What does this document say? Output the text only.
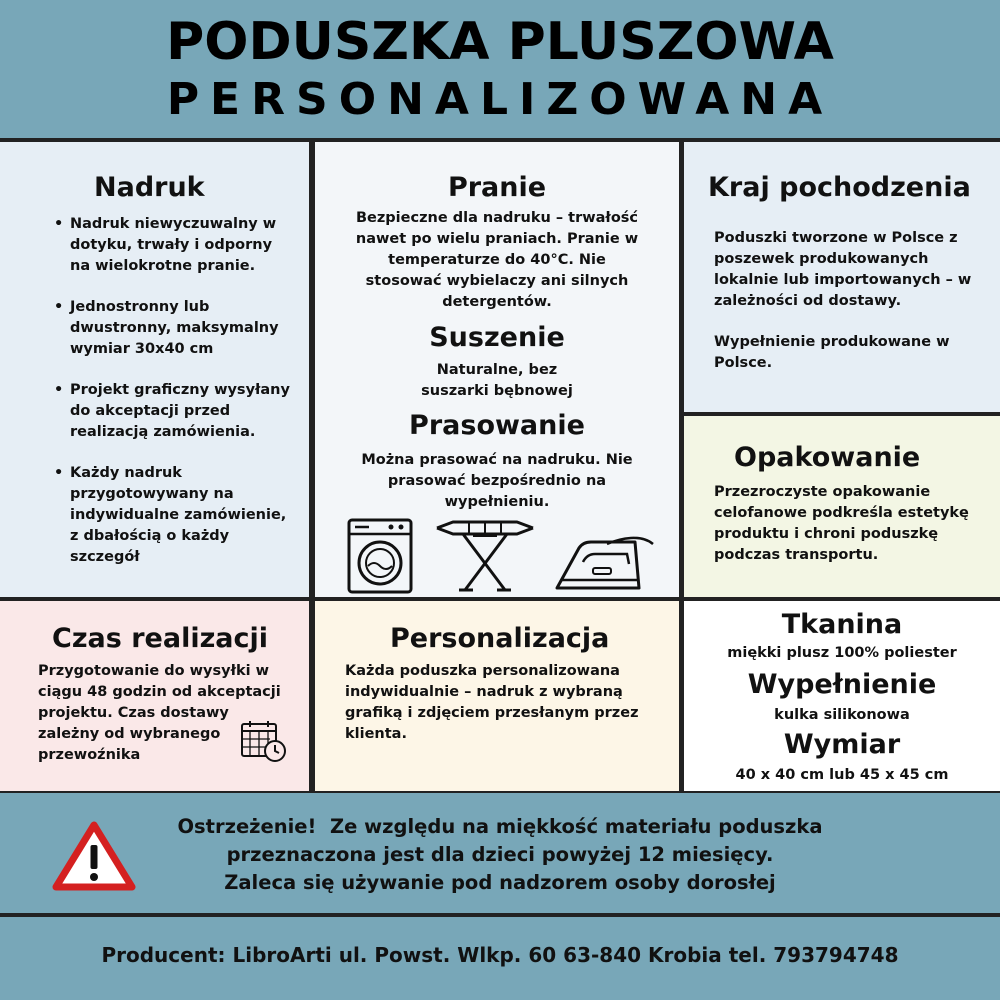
PODUSZKA PLUSZOWA
PERSONALIZOWANA
Nadruk
• Nadruk niewyczuwalny w dotyku, trwały i odporny na wielokrotne pranie.
• Jednostronny lub dwustronny, maksymalny wymiar 30x40 cm
• Projekt graficzny wysyłany do akceptacji przed realizacją zamówienia.
• Każdy nadruk przygotowywany na indywidualne zamówienie, z dbałością o każdy szczegół
Pranie
Bezpieczne dla nadruku – trwałość nawet po wielu praniach. Pranie w temperaturze do 40°C. Nie stosować wybielaczy ani silnych detergentów.
Suszenie
Naturalne, bez suszarki bębnowej
Prasowanie
Można prasować na nadruku. Nie prasować bezpośrednio na wypełnieniu.
Kraj pochodzenia
Poduszki tworzone w Polsce z poszewek produkowanych lokalnie lub importowanych – w zależności od dostawy.
Wypełnienie produkowane w Polsce.
Opakowanie
Przezroczyste opakowanie celofanowe podkreśla estetykę produktu i chroni poduszkę podczas transportu.
Czas realizacji
Przygotowanie do wysyłki w ciągu 48 godzin od akceptacji projektu. Czas dostawy zależny od wybranego przewoźnika
Personalizacja
Każda poduszka personalizowana indywidualnie – nadruk z wybraną grafiką i zdjęciem przesłanym przez klienta.
Tkanina
miękki plusz 100% poliester
Wypełnienie
kulka silikonowa
Wymiar
40 x 40 cm lub 45 x 45 cm
Ostrzeżenie!  Ze względu na miękkość materiału poduszka
przeznaczona jest dla dzieci powyżej 12 miesięcy.
Zaleca się używanie pod nadzorem osoby dorosłej
Producent: LibroArti ul. Powst. Wlkp. 60 63-840 Krobia tel. 793794748
